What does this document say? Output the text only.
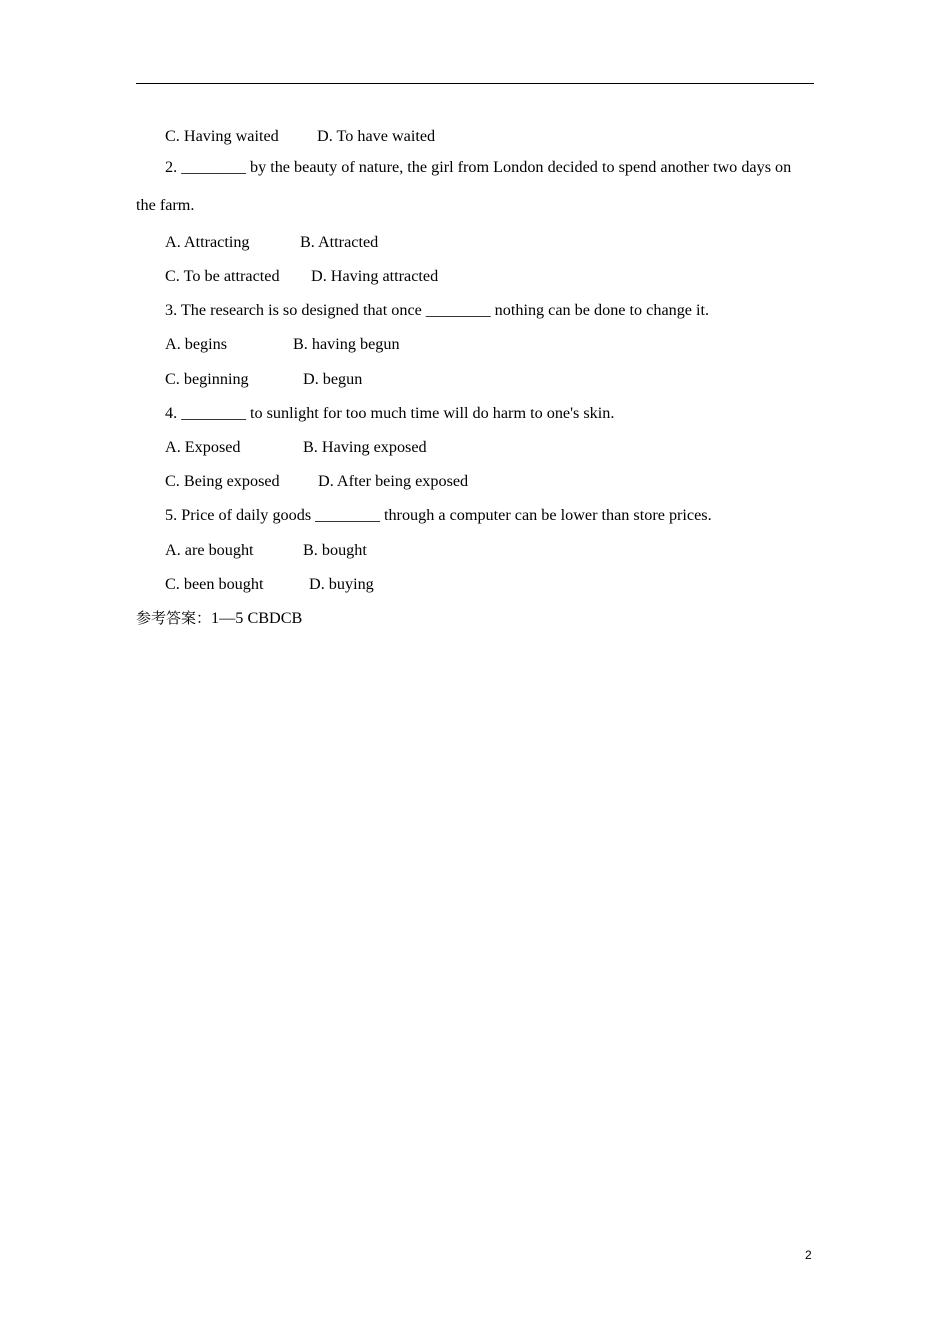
C. Having waited D. To have waited
2. ________ by the beauty of nature, the girl from London decided to spend another two days on
the farm.
A. Attracting	B. Attracted
C. To be attracted D. Having attracted
3. The research is so designed that once ________ nothing can be done to change it.
A. begins	B. having begun
C. beginning	D. begun
4. ________ to sunlight for too much time will do harm to one's skin.
A. Exposed	B. Having exposed
C. Being exposed D. After being exposed
5. Price of daily goods ________ through a computer can be lower than store prices.
A. are bought	B. bought
C. been bought	D. buying
参考答案：1—5 CBDCB
2
